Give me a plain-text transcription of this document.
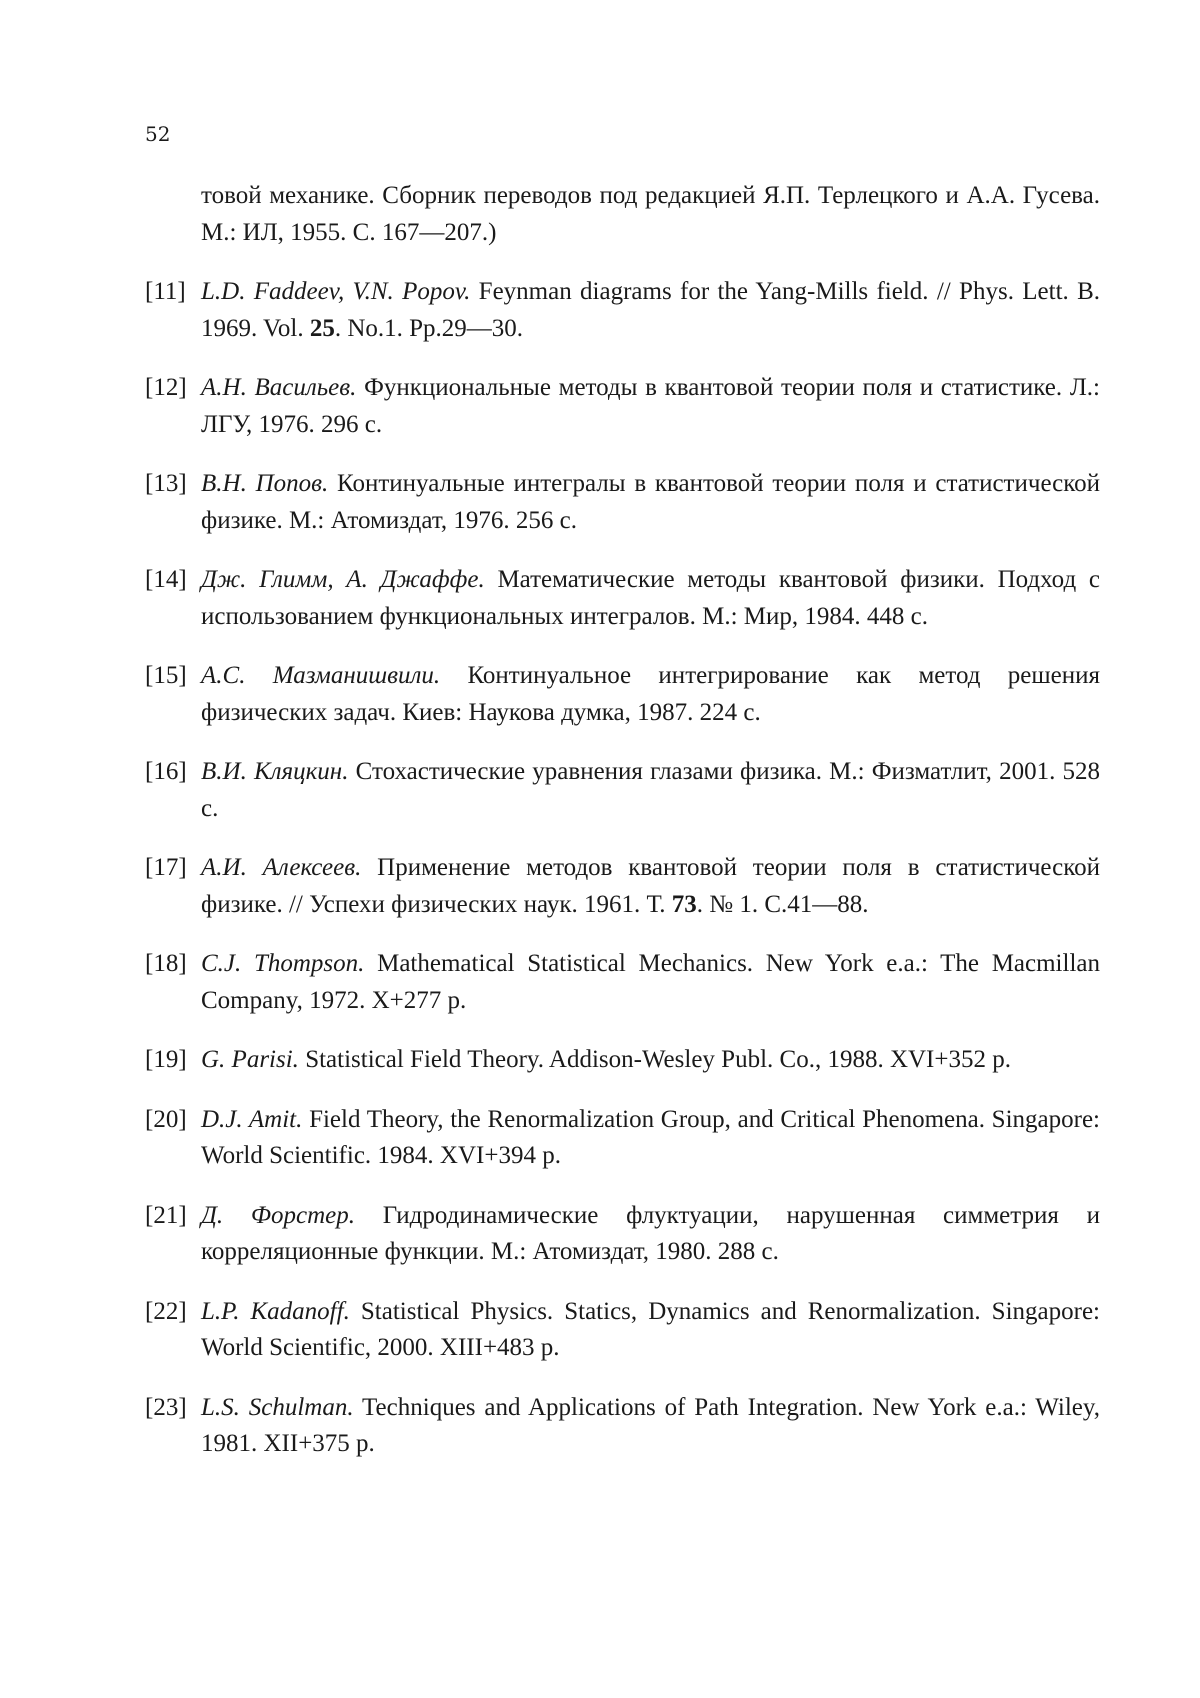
52
товой механике. Сборник переводов под редакцией Я.П. Терлецкого и А.А. Гусева. М.: ИЛ, 1955. С. 167—207.)
[11] L.D. Faddeev, V.N. Popov. Feynman diagrams for the Yang-Mills field. // Phys. Lett. B. 1969. Vol. 25. No.1. Pp.29—30.
[12] А.Н. Васильев. Функциональные методы в квантовой теории поля и статистике. Л.: ЛГУ, 1976. 296 с.
[13] В.Н. Попов. Континуальные интегралы в квантовой теории поля и статистической физике. М.: Атомиздат, 1976. 256 с.
[14] Дж. Глимм, А. Джаффе. Математические методы квантовой физики. Подход с использованием функциональных интегралов. М.: Мир, 1984. 448 с.
[15] А.С. Мазманишвили. Континуальное интегрирование как метод решения физических задач. Киев: Наукова думка, 1987. 224 с.
[16] В.И. Кляцкин. Стохастические уравнения глазами физика. М.: Физматлит, 2001. 528 с.
[17] А.И. Алексеев. Применение методов квантовой теории поля в статистической физике. // Успехи физических наук. 1961. Т. 73. № 1. С.41—88.
[18] C.J. Thompson. Mathematical Statistical Mechanics. New York e.a.: The Macmillan Company, 1972. X+277 p.
[19] G. Parisi. Statistical Field Theory. Addison-Wesley Publ. Co., 1988. XVI+352 p.
[20] D.J. Amit. Field Theory, the Renormalization Group, and Critical Phenomena. Singapore: World Scientific. 1984. XVI+394 p.
[21] Д. Форстер. Гидродинамические флуктуации, нарушенная симметрия и корреляционные функции. М.: Атомиздат, 1980. 288 с.
[22] L.P. Kadanoff. Statistical Physics. Statics, Dynamics and Renormalization. Singapore: World Scientific, 2000. XIII+483 p.
[23] L.S. Schulman. Techniques and Applications of Path Integration. New York e.a.: Wiley, 1981. XII+375 p.
